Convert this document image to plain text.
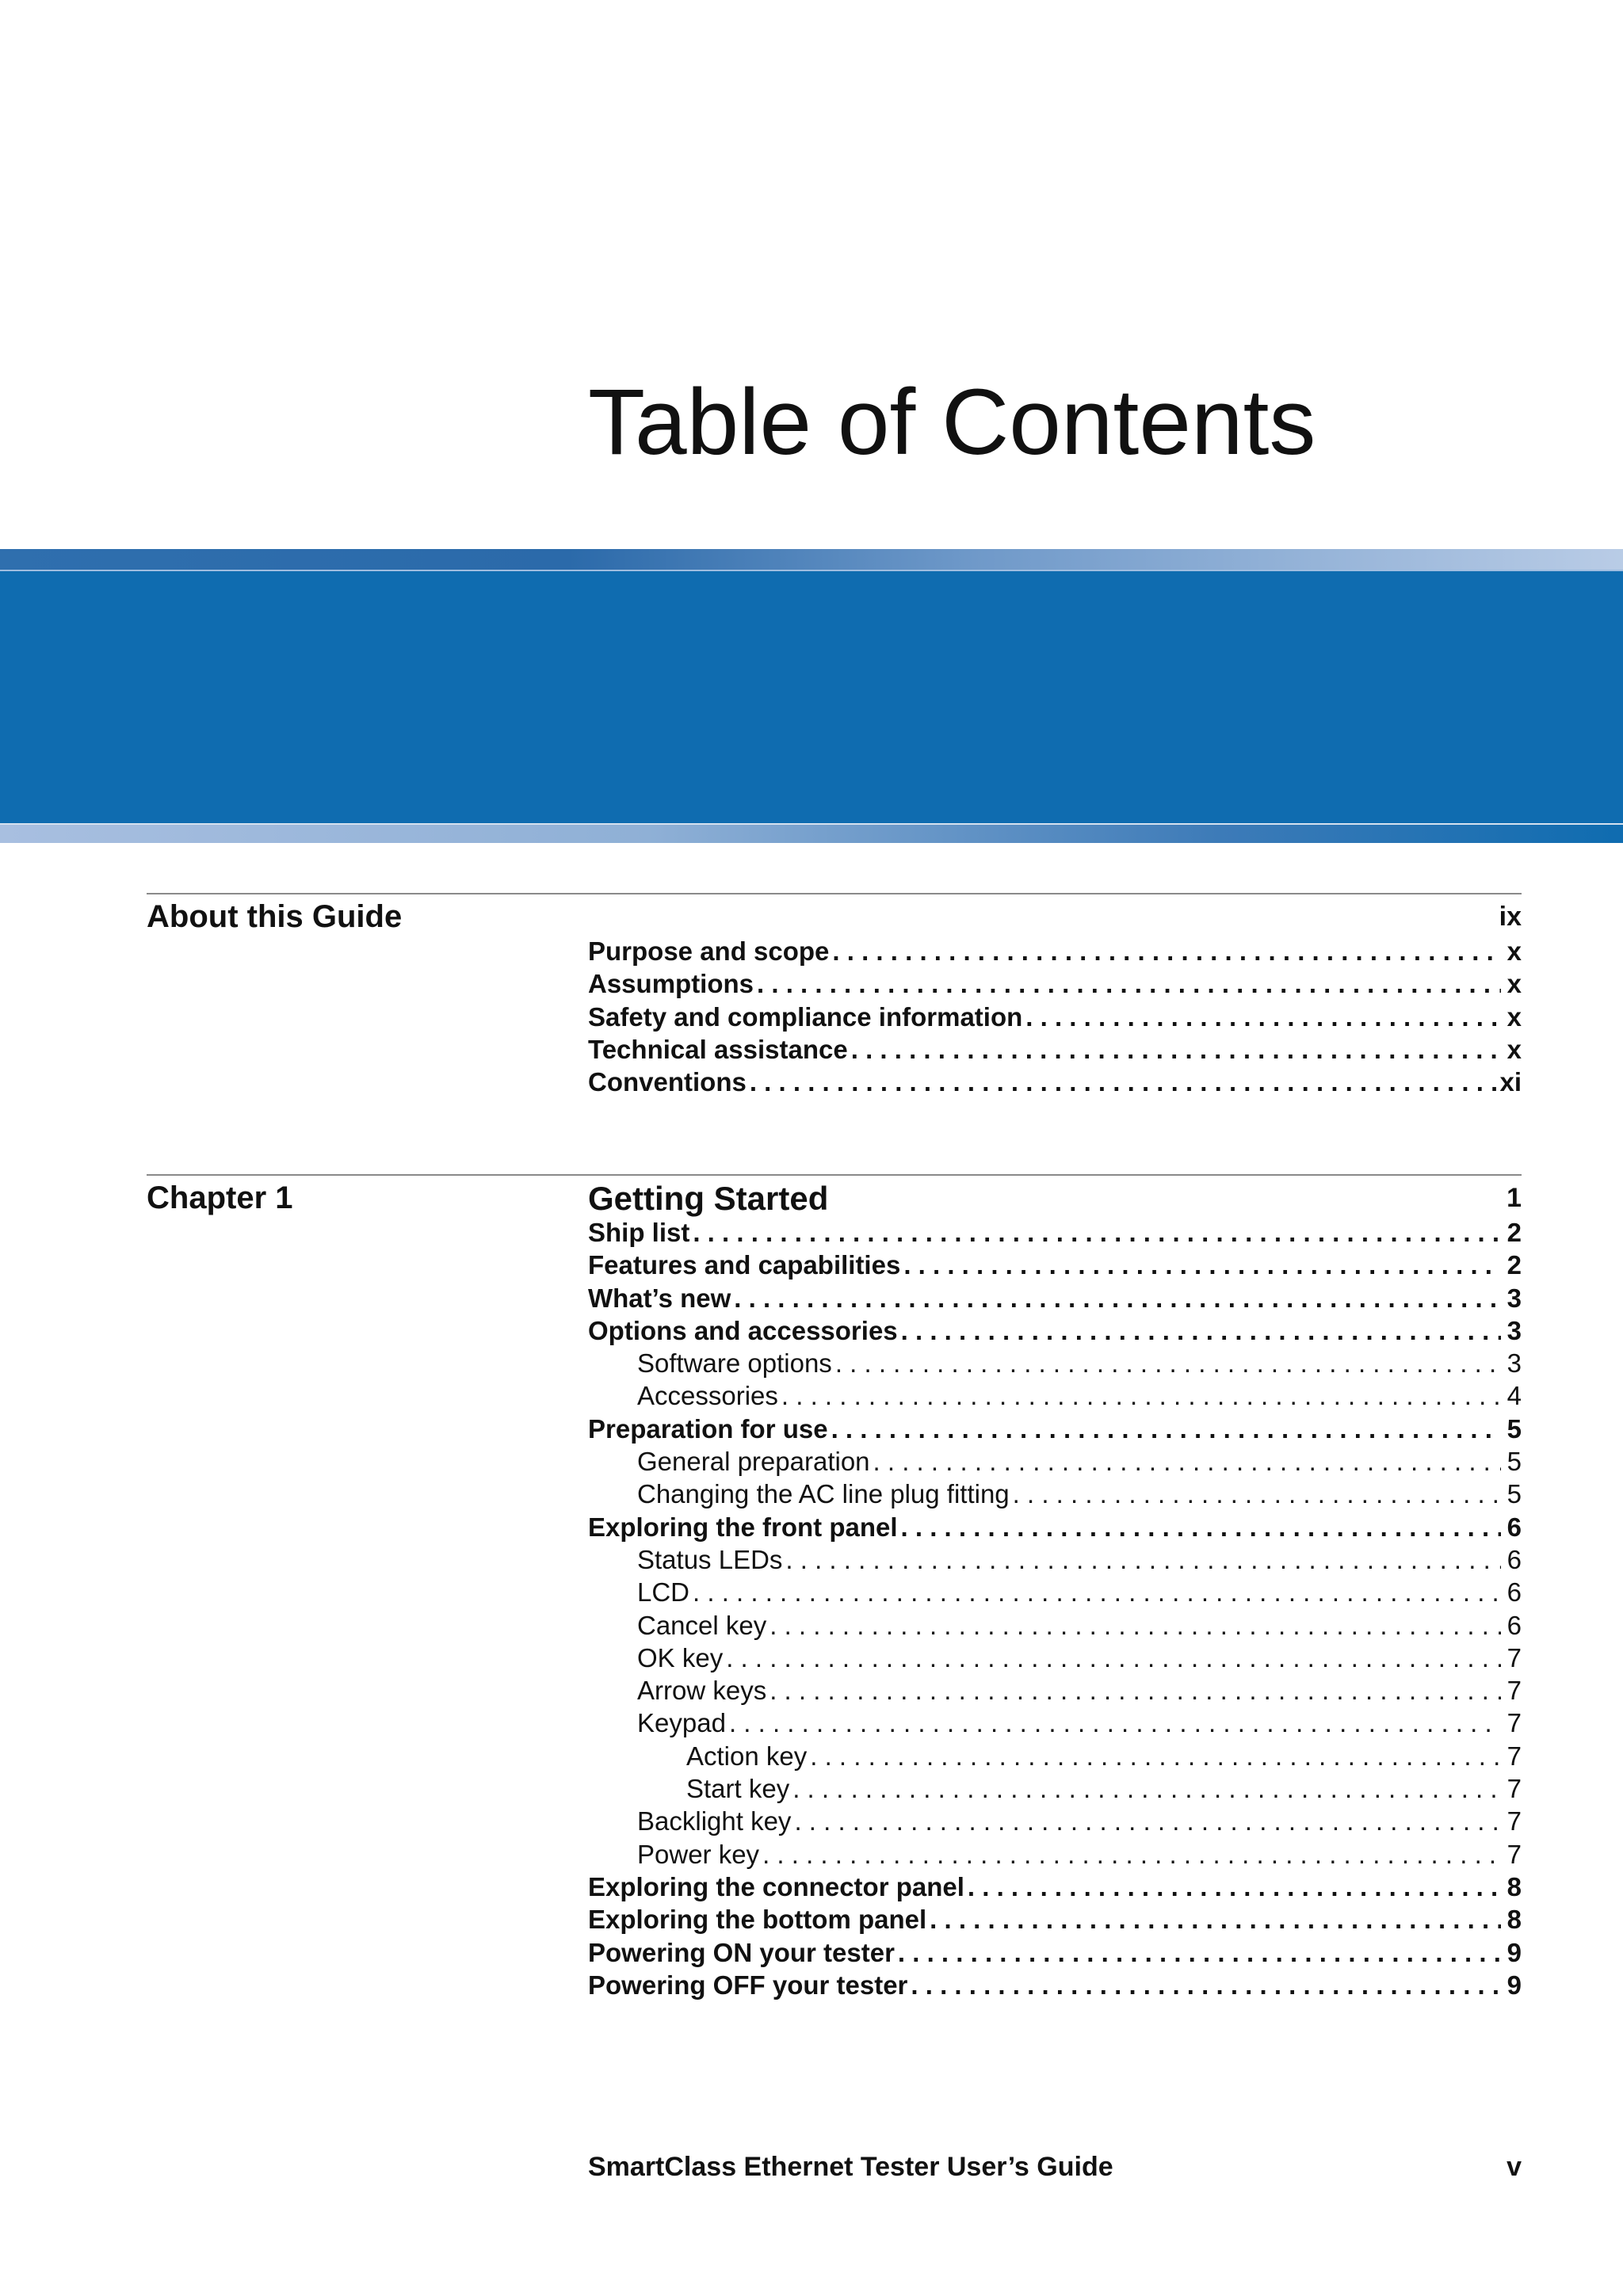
Table of Contents
About this Guide	ix
Purpose and scope . . .	x
Assumptions . . .	x
Safety and compliance information . . .	x
Technical assistance . . .	x
Conventions . . .	xi
Chapter 1	Getting Started	1
Ship list . . .	2
Features and capabilities . . .	2
What’s new . . .	3
Options and accessories . . .	3
Software options . . .	3
Accessories . . .	4
Preparation for use . . .	5
General preparation . . .	5
Changing the AC line plug fitting . . .	5
Exploring the front panel . . .	6
Status LEDs . . .	6
LCD . . .	6
Cancel key . . .	6
OK key . . .	7
Arrow keys . . .	7
Keypad . . .	7
Action key . . .	7
Start key . . .	7
Backlight key . . .	7
Power key . . .	7
Exploring the connector panel . . .	8
Exploring the bottom panel . . .	8
Powering ON your tester . . .	9
Powering OFF your tester . . .	9
SmartClass Ethernet Tester User’s Guide	v
